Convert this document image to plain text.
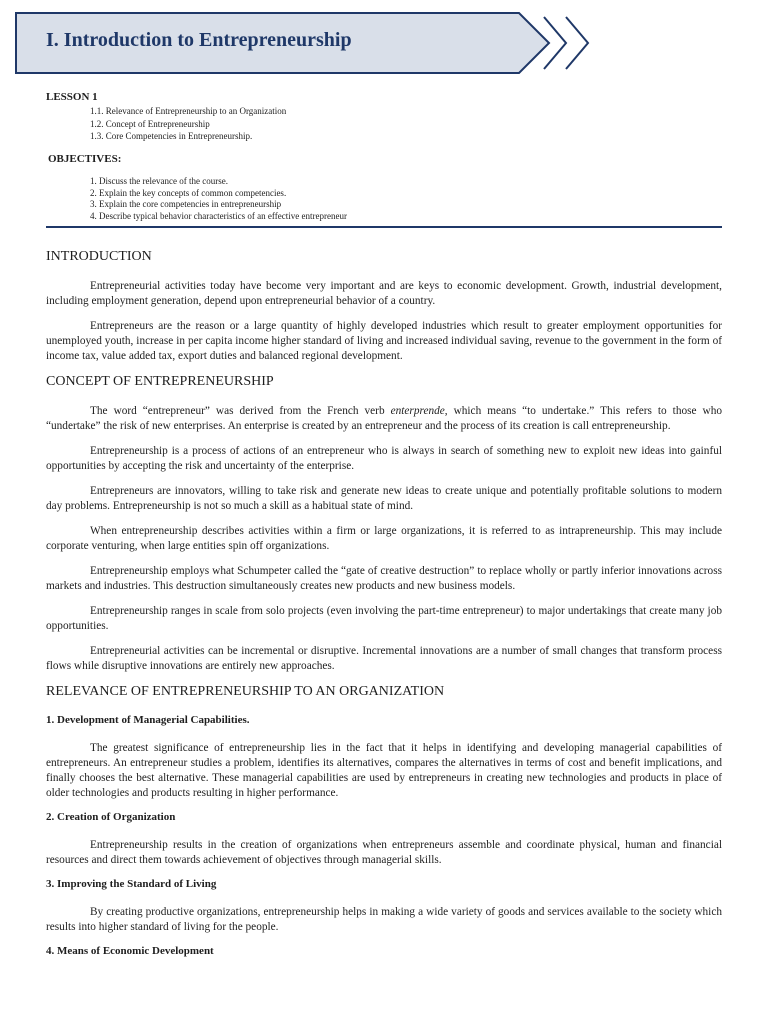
I. Introduction to Entrepreneurship
LESSON 1
1.1. Relevance of Entrepreneurship to an Organization
1.2. Concept of Entrepreneurship
1.3. Core Competencies in Entrepreneurship.
OBJECTIVES:
1. Discuss the relevance of the course.
2. Explain the key concepts of common competencies.
3. Explain the core competencies in entrepreneurship
4. Describe typical behavior characteristics of an effective entrepreneur
INTRODUCTION

Entrepreneurial activities today have become very important and are keys to economic development. Growth, industrial development, including employment generation, depend upon entrepreneurial behavior of a country.

Entrepreneurs are the reason or a large quantity of highly developed industries which result to greater employment opportunities for unemployed youth, increase in per capita income higher standard of living and increased individual saving, revenue to the government in the form of income tax, value added tax, export duties and balanced regional development.

CONCEPT OF ENTREPRENEURSHIP

The word “entrepreneur” was derived from the French verb enterprende, which means “to undertake.” This refers to those who “undertake” the risk of new enterprises. An enterprise is created by an entrepreneur and the process of its creation is call entrepreneurship.

Entrepreneurship is a process of actions of an entrepreneur who is always in search of something new to exploit new ideas into gainful opportunities by accepting the risk and uncertainty of the enterprise.

Entrepreneurs are innovators, willing to take risk and generate new ideas to create unique and potentially profitable solutions to modern day problems. Entrepreneurship is not so much a skill as a habitual state of mind.

When entrepreneurship describes activities within a firm or large organizations, it is referred to as intrapreneurship. This may include corporate venturing, when large entities spin off organizations.

Entrepreneurship employs what Schumpeter called the “gate of creative destruction” to replace wholly or partly inferior innovations across markets and industries. This destruction simultaneously creates new products and new business models.

Entrepreneurship ranges in scale from solo projects (even involving the part-time entrepreneur) to major undertakings that create many job opportunities.

Entrepreneurial activities can be incremental or disruptive. Incremental innovations are a number of small changes that transform process flows while disruptive innovations are entirely new approaches.

RELEVANCE OF ENTREPRENEURSHIP TO AN ORGANIZATION
1. Development of Managerial Capabilities.

The greatest significance of entrepreneurship lies in the fact that it helps in identifying and developing managerial capabilities of entrepreneurs. An entrepreneur studies a problem, identifies its alternatives, compares the alternatives in terms of cost and benefit implications, and finally chooses the best alternative. These managerial capabilities are used by entrepreneurs in creating new technologies and products in place of older technologies and products resulting in higher performance.

2. Creation of Organization

Entrepreneurship results in the creation of organizations when entrepreneurs assemble and coordinate physical, human and financial resources and direct them towards achievement of objectives through managerial skills.

3. Improving the Standard of Living

By creating productive organizations, entrepreneurship helps in making a wide variety of goods and services available to the society which results into higher standard of living for the people.

4. Means of Economic Development
